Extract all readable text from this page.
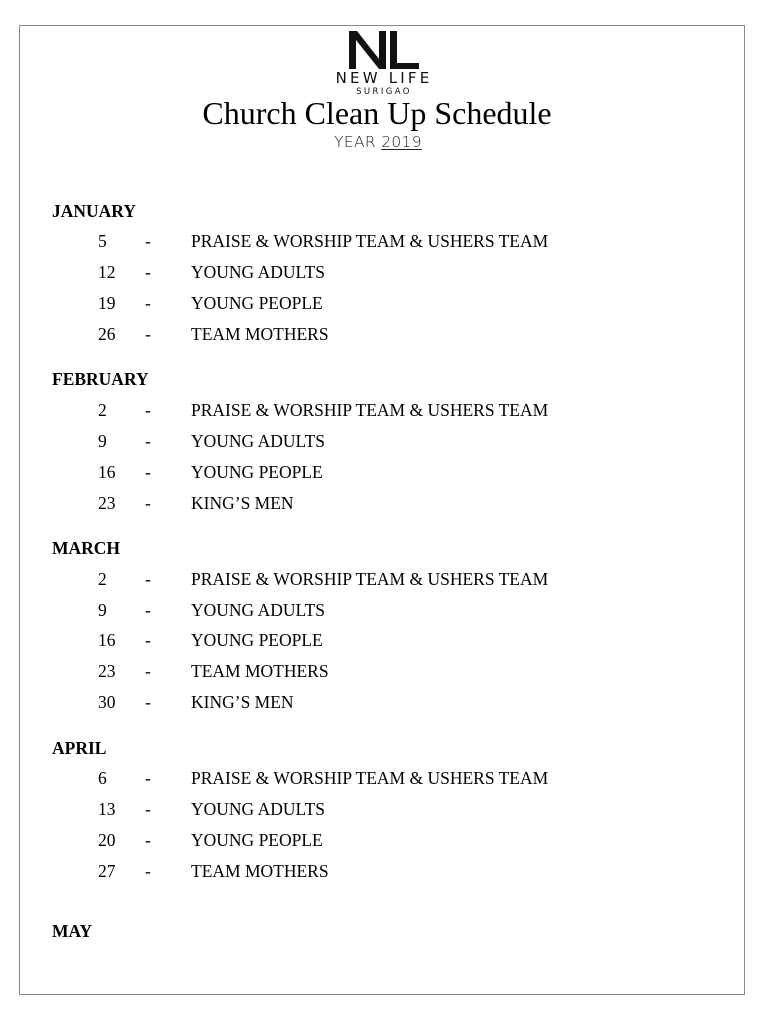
NEW LIFE
SURIGAO
Church Clean Up Schedule
YEAR 2019
JANUARY
5 - PRAISE & WORSHIP TEAM & USHERS TEAM
12 - YOUNG ADULTS
19 - YOUNG PEOPLE
26 - TEAM MOTHERS
FEBRUARY
2 - PRAISE & WORSHIP TEAM & USHERS TEAM
9 - YOUNG ADULTS
16 - YOUNG PEOPLE
23 - KING’S MEN
MARCH
2 - PRAISE & WORSHIP TEAM & USHERS TEAM
9 - YOUNG ADULTS
16 - YOUNG PEOPLE
23 - TEAM MOTHERS
30 - KING’S MEN
APRIL
6 - PRAISE & WORSHIP TEAM & USHERS TEAM
13 - YOUNG ADULTS
20 - YOUNG PEOPLE
27 - TEAM MOTHERS
MAY
